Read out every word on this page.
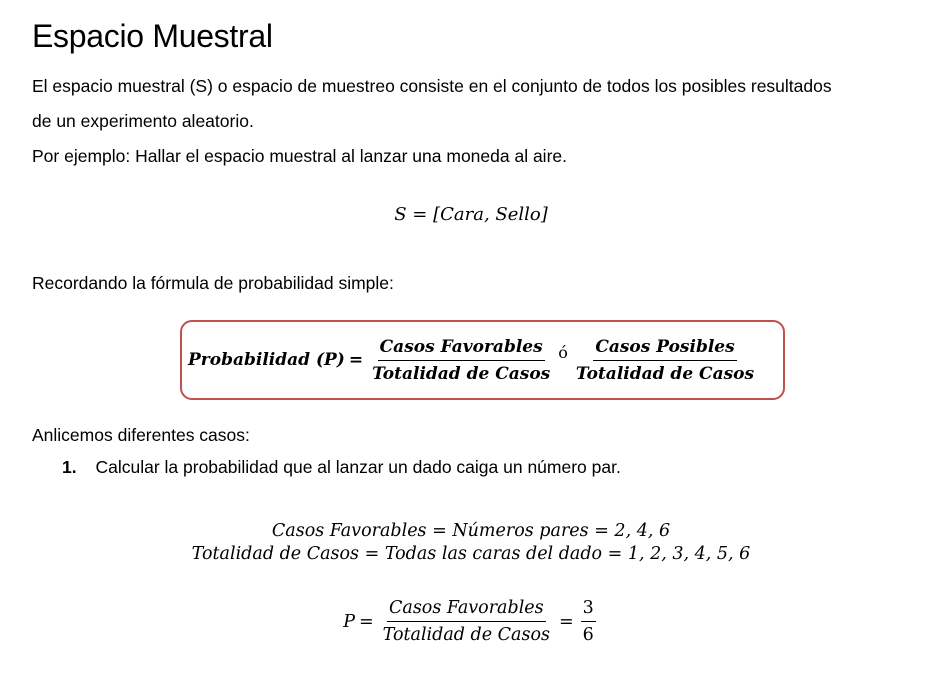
Espacio Muestral
El espacio muestral (S) o espacio de muestreo consiste en el conjunto de todos los posibles resultados
de un experimento aleatorio.
Por ejemplo: Hallar el espacio muestral al lanzar una moneda al aire.
S = [Cara, Sello]
Recordando la fórmula de probabilidad simple:
Probabilidad $(P) = \frac{\text{Casos Favorables}}{\text{Totalidad de Casos}}$ ó $\frac{\text{Casos Posibles}}{\text{Totalidad de Casos}}$
Anlicemos diferentes casos:
1. Calcular la probabilidad que al lanzar un dado caiga un número par.
Casos Favorables = Números pares = 2, 4, 6
Totalidad de Casos = Todas las caras del dado = 1, 2, 3, 4, 5, 6
$P = \frac{\text{Casos Favorables}}{\text{Totalidad de Casos}} = \frac{3}{6}$
